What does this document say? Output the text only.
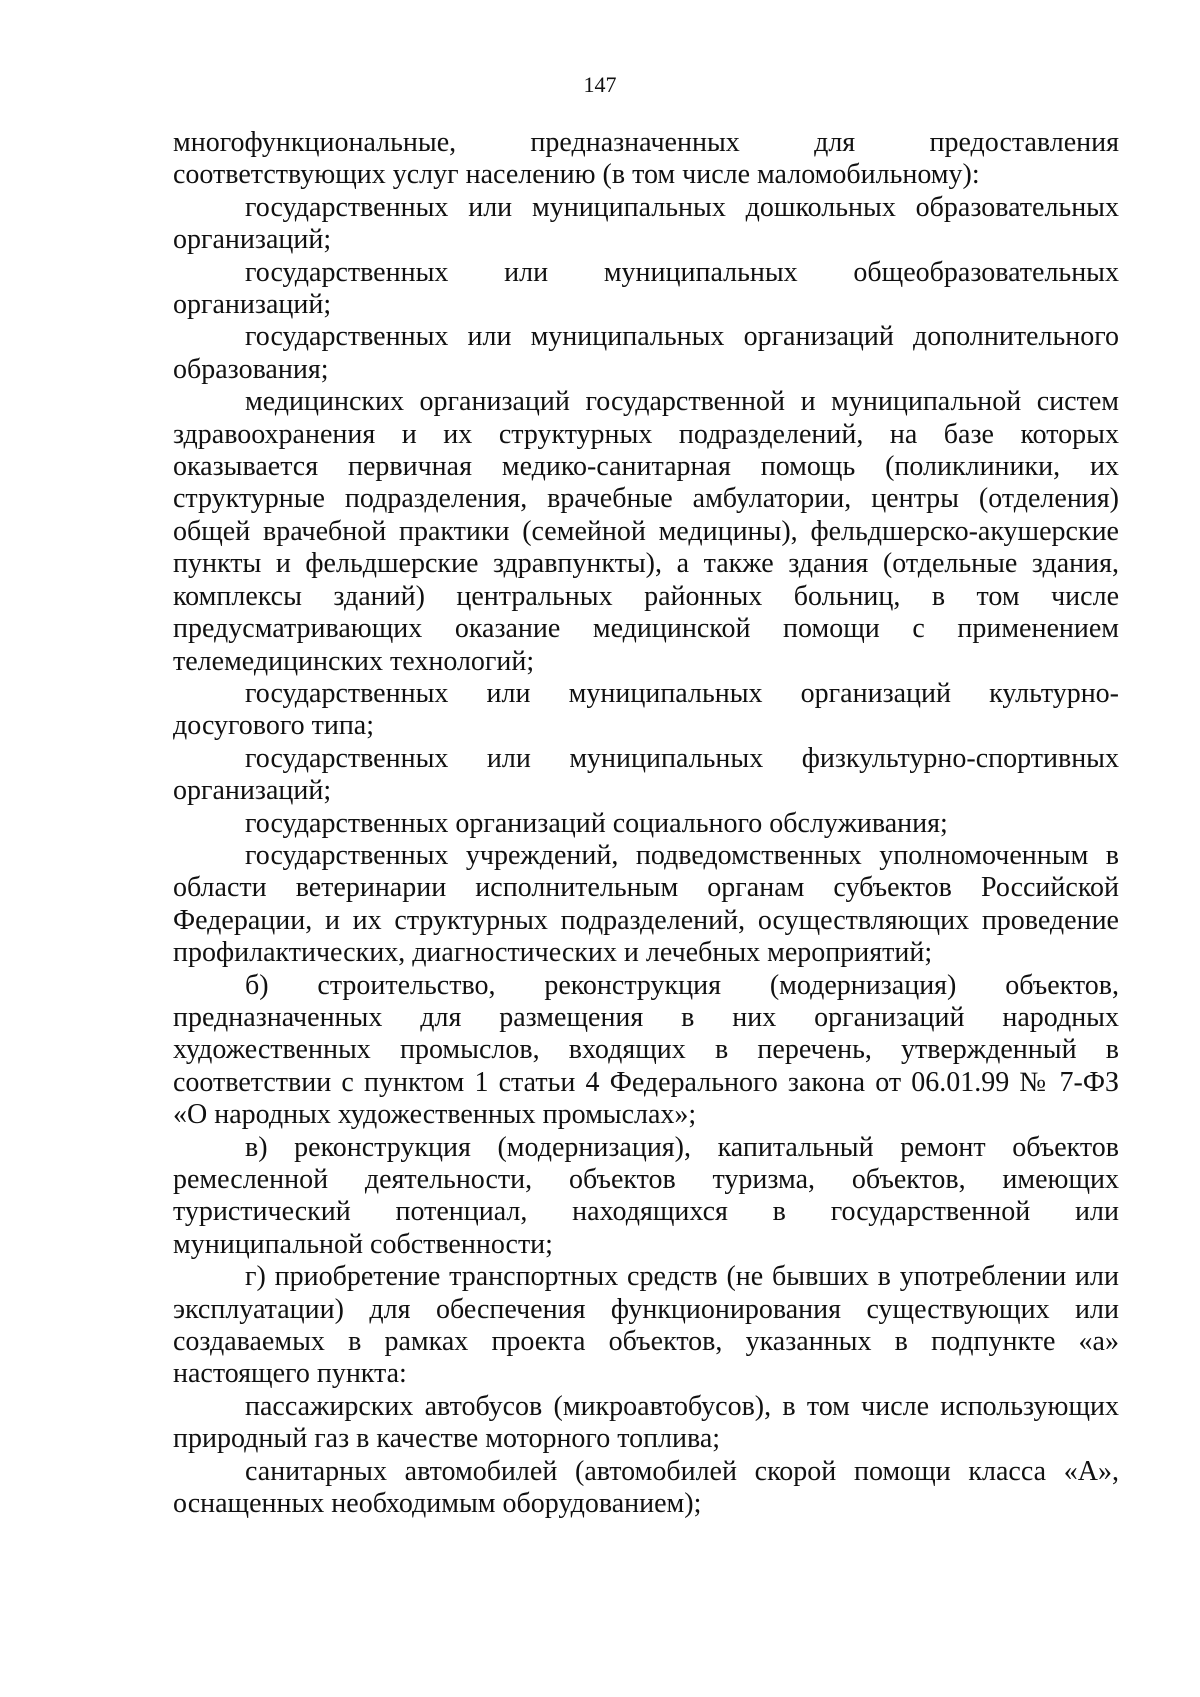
147

многофункциональные, предназначенных для предоставления соответствующих услуг населению (в том числе маломобильному):

государственных или муниципальных дошкольных образовательных организаций;

государственных или муниципальных общеобразовательных организаций;

государственных или муниципальных организаций дополнительного образования;

медицинских организаций государственной и муниципальной систем здравоохранения и их структурных подразделений, на базе которых оказывается первичная медико-санитарная помощь (поликлиники, их структурные подразделения, врачебные амбулатории, центры (отделения) общей врачебной практики (семейной медицины), фельдшерско-акушерские пункты и фельдшерские здравпункты), а также здания (отдельные здания, комплексы зданий) центральных районных больниц, в том числе предусматривающих оказание медицинской помощи с применением телемедицинских технологий;

государственных или муниципальных организаций культурно-досугового типа;

государственных или муниципальных физкультурно-спортивных организаций;

государственных организаций социального обслуживания;

государственных учреждений, подведомственных уполномоченным в области ветеринарии исполнительным органам субъектов Российской Федерации, и их структурных подразделений, осуществляющих проведение профилактических, диагностических и лечебных мероприятий;

б) строительство, реконструкция (модернизация) объектов, предназначенных для размещения в них организаций народных художественных промыслов, входящих в перечень, утвержденный в соответствии с пунктом 1 статьи 4 Федерального закона от 06.01.99 № 7-ФЗ «О народных художественных промыслах»;

в) реконструкция (модернизация), капитальный ремонт объектов ремесленной деятельности, объектов туризма, объектов, имеющих туристический потенциал, находящихся в государственной или муниципальной собственности;

г) приобретение транспортных средств (не бывших в употреблении или эксплуатации) для обеспечения функционирования существующих или создаваемых в рамках проекта объектов, указанных в подпункте «а» настоящего пункта:

пассажирских автобусов (микроавтобусов), в том числе использующих природный газ в качестве моторного топлива;

санитарных автомобилей (автомобилей скорой помощи класса «А», оснащенных необходимым оборудованием);
